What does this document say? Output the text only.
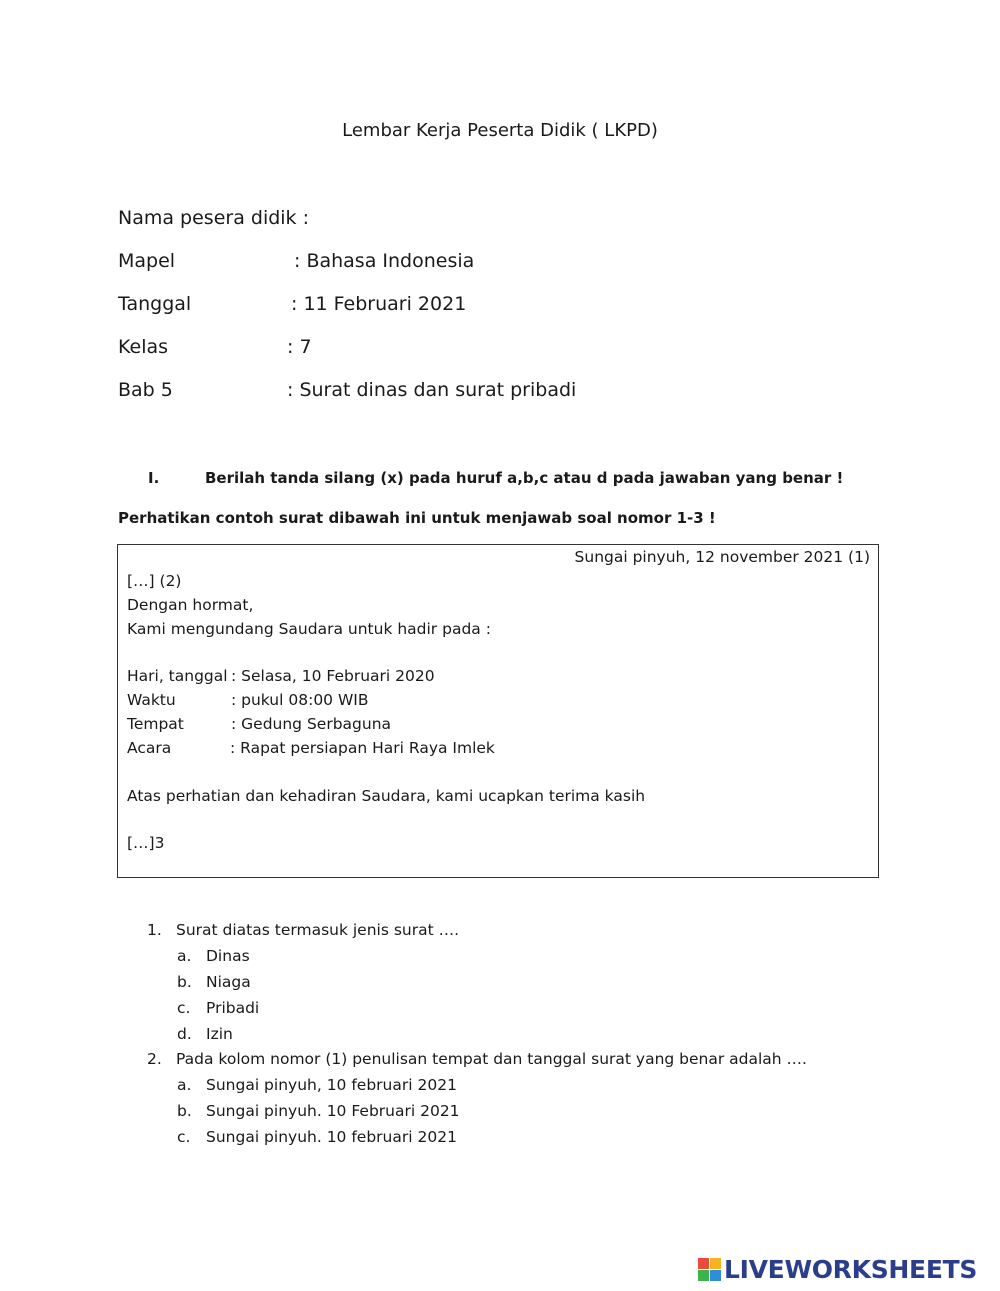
Lembar Kerja Peserta Didik ( LKPD)
Nama pesera didik :
Mapel	: Bahasa Indonesia
Tanggal	: 11 Februari 2021
Kelas	: 7
Bab 5	: Surat dinas dan surat pribadi
I.	Berilah tanda silang (x) pada huruf a,b,c atau d pada jawaban yang benar !
Perhatikan contoh surat dibawah ini untuk menjawab soal nomor 1-3 !
Sungai pinyuh, 12 november 2021 (1)
[…] (2)
Dengan hormat,
Kami mengundang Saudara untuk hadir pada :
Hari, tanggal : Selasa, 10 Februari 2020
Waktu	: pukul 08:00 WIB
Tempat	: Gedung Serbaguna
Acara	: Rapat persiapan Hari Raya Imlek
Atas perhatian dan kehadiran Saudara, kami ucapkan terima kasih
[…]3
1. Surat diatas termasuk jenis surat ….
a. Dinas
b. Niaga
c. Pribadi
d. Izin
2. Pada kolom nomor (1) penulisan tempat dan tanggal surat yang benar adalah ….
a. Sungai pinyuh, 10 februari 2021
b. Sungai pinyuh. 10 Februari 2021
c. Sungai pinyuh. 10 februari 2021
LIVEWORKSHEETS
